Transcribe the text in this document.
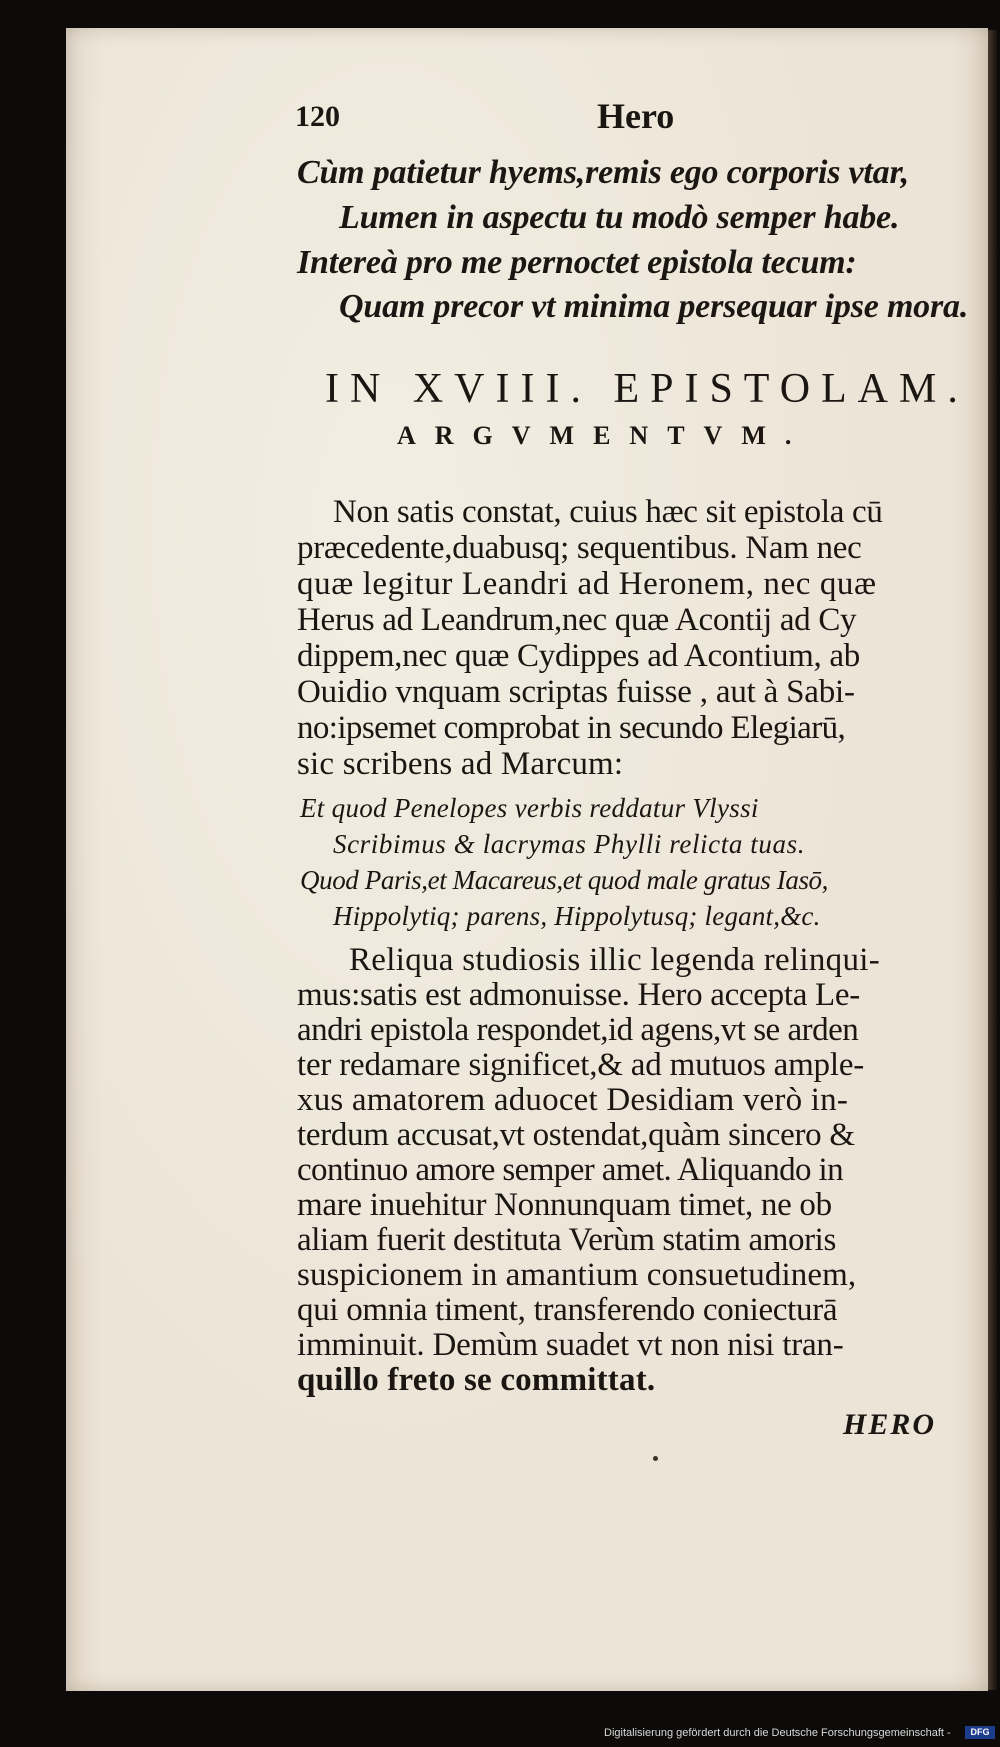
120	Hero
Cùm patietur hyems,remis ego corporis vtar,
Lumen in aspectu tu modò semper habe.
Intereà pro me pernoctet epistola tecum:
Quam precor vt minima persequar ipse mora.
IN XVIII. EPISTOLAM.
ARGVMENTVM.
Non satis constat, cuius hæc sit epistola cū
præcedente,duabusq; sequentibus. Nam nec
quæ legitur Leandri ad Heronem, nec quæ
Herus ad Leandrum,nec quæ Acontij ad Cy
dippem,nec quæ Cydippes ad Acontium, ab
Ouidio vnquam scriptas fuisse , aut à Sabi-
no:ipsemet comprobat in secundo Elegiarū,
sic scribens ad Marcum:
Et quod Penelopes verbis reddatur Vlyssi
Scribimus & lacrymas Phylli relicta tuas.
Quod Paris,et Macareus,et quod male gratus Iasō,
Hippolytiq; parens, Hippolytusq; legant,&c.
Reliqua studiosis illic legenda relinqui-
mus:satis est admonuisse. Hero accepta Le-
andri epistola respondet,id agens,vt se arden
ter redamare significet,& ad mutuos ample-
xus amatorem aduocet Desidiam verò in-
terdum accusat,vt ostendat,quàm sincero &
continuo amore semper amet. Aliquando in
mare inuehitur Nonnunquam timet, ne ob
aliam fuerit destituta Verùm statim amoris
suspicionem in amantium consuetudinem,
qui omnia timent, transferendo coniecturā
imminuit. Demùm suadet vt non nisi tran-
quillo freto se committat.
HERO
Digitalisierung gefördert durch die Deutsche Forschungsgemeinschaft -	DFG
